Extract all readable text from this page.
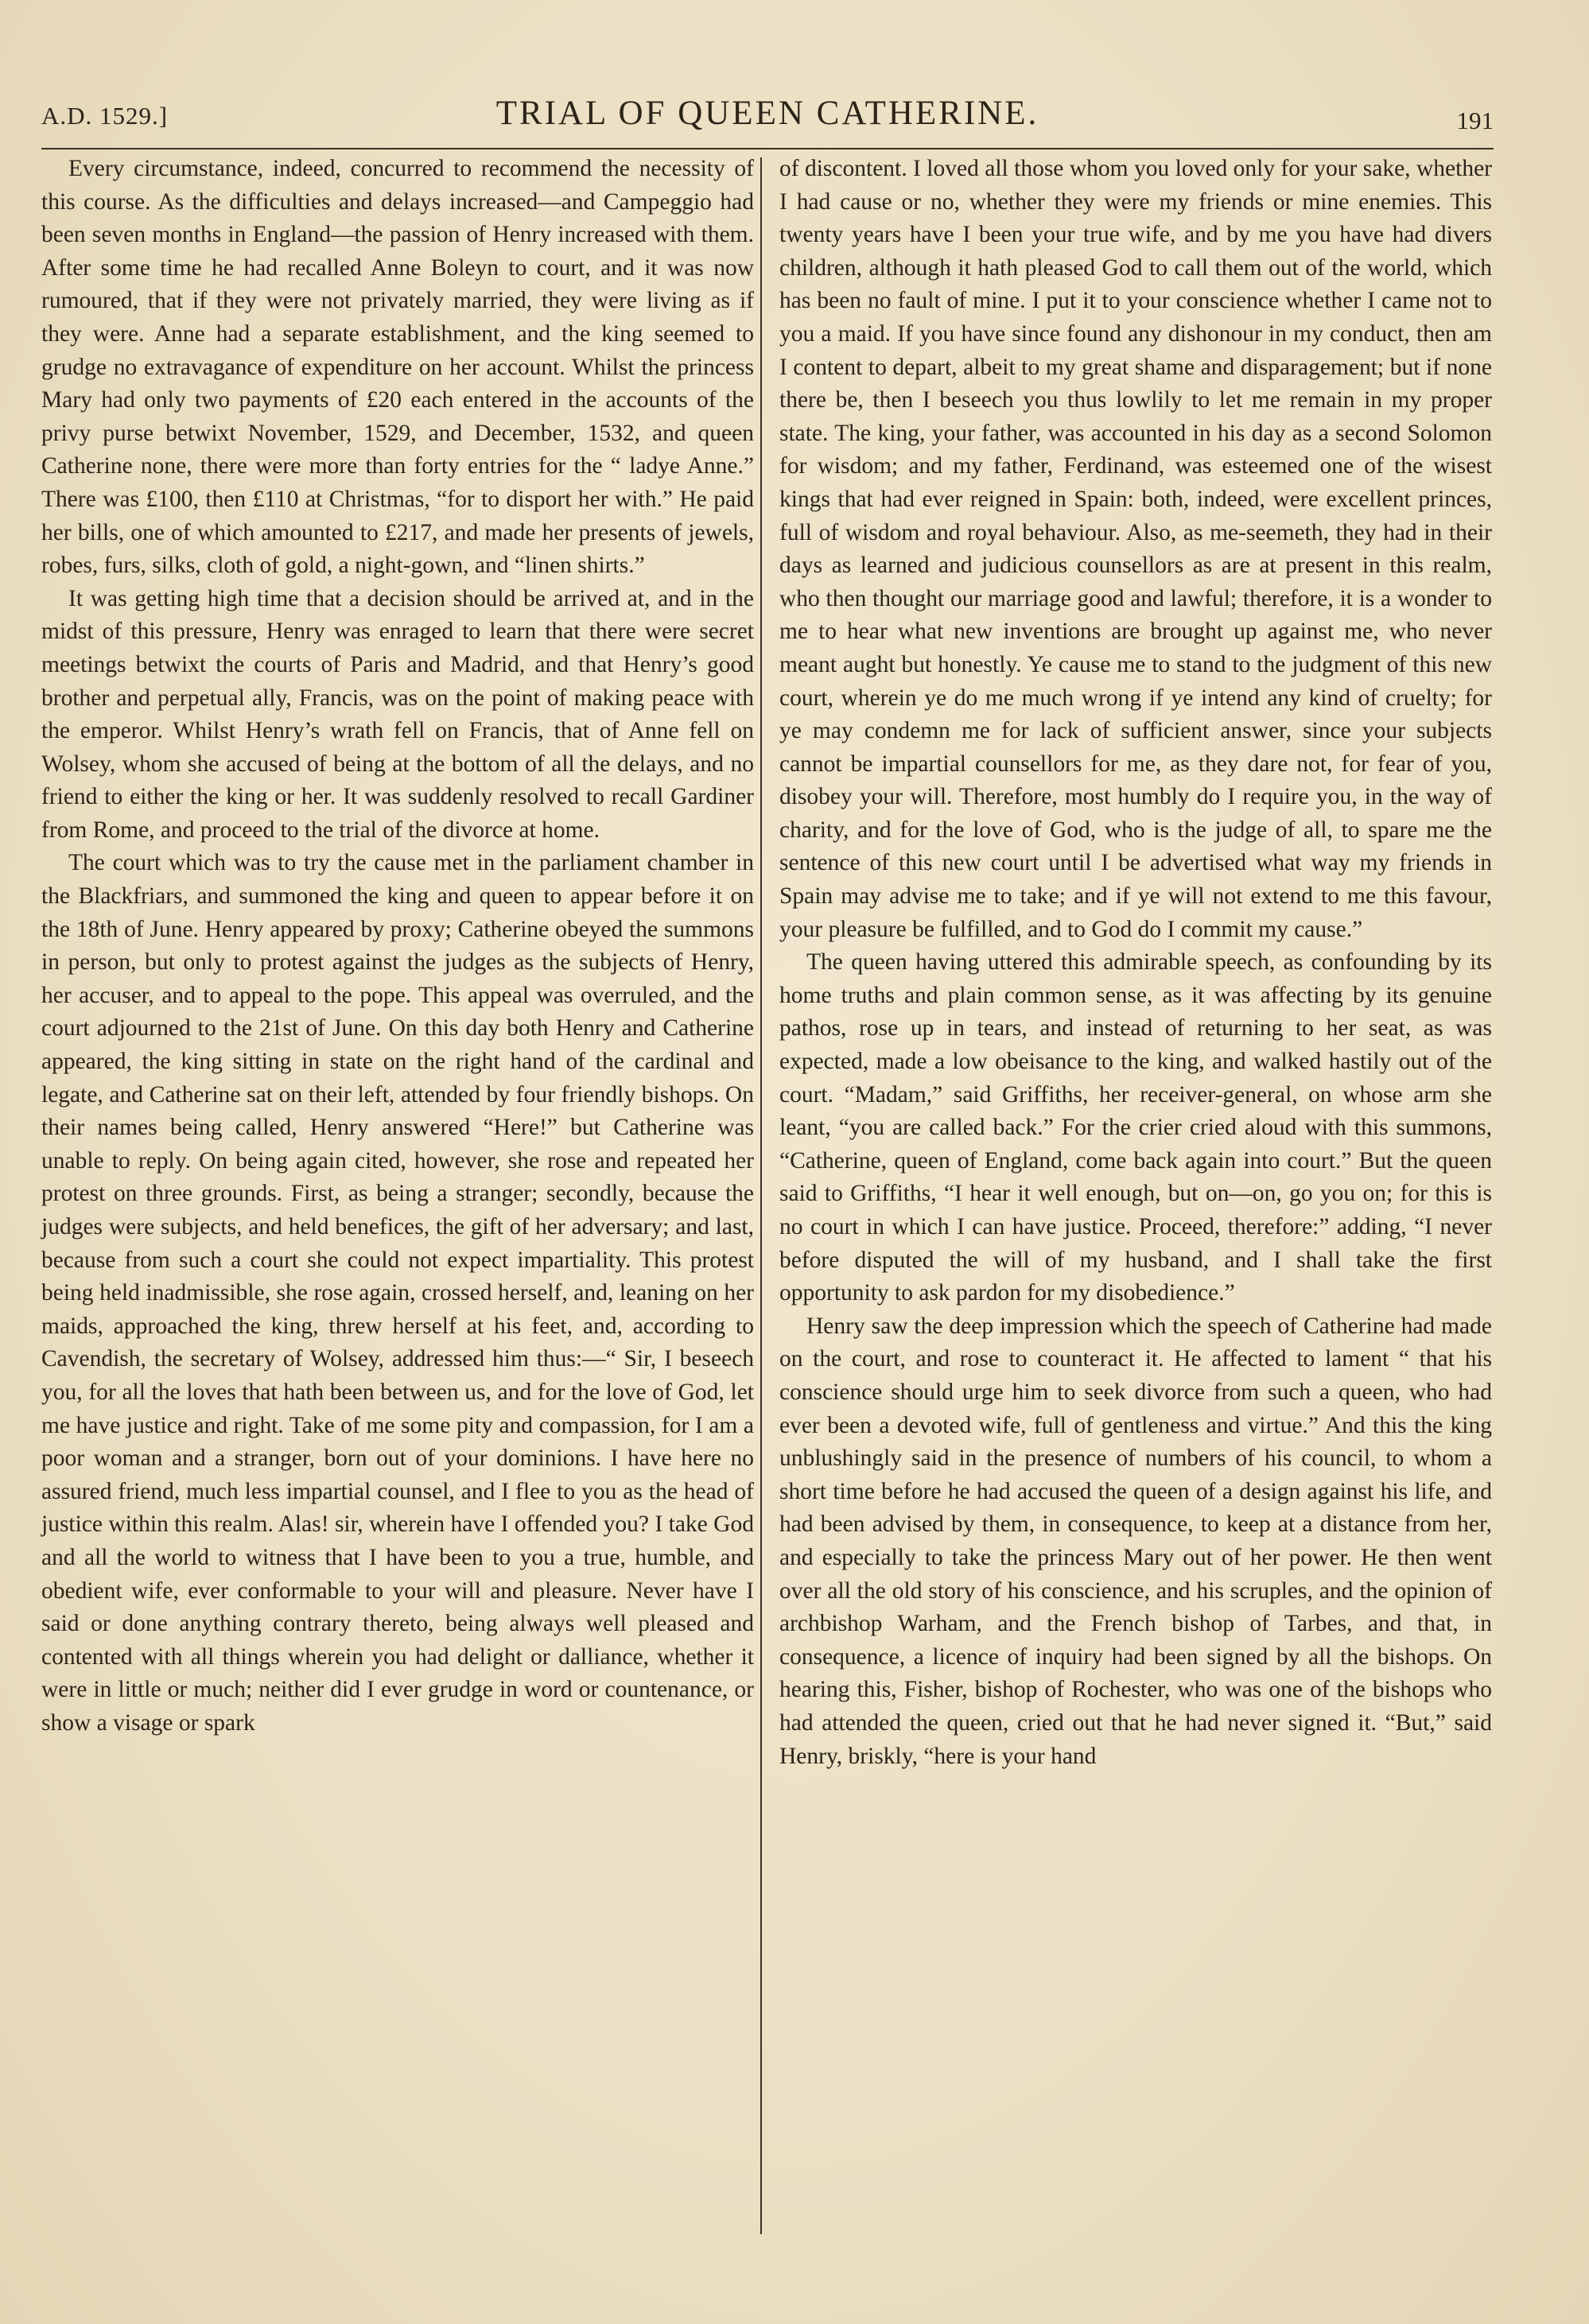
A.D. 1529.]	TRIAL OF QUEEN CATHERINE.	191

Every circumstance, indeed, concurred to recommend the necessity of this course. As the difficulties and delays increased—and Campeggio had been seven months in England—the passion of Henry increased with them. After some time he had recalled Anne Boleyn to court, and it was now rumoured, that if they were not privately married, they were living as if they were. Anne had a separate establishment, and the king seemed to grudge no extravagance of expenditure on her account. Whilst the princess Mary had only two payments of £20 each entered in the accounts of the privy purse betwixt November, 1529, and December, 1532, and queen Catherine none, there were more than forty entries for the “ ladye Anne.” There was £100, then £110 at Christmas, “for to disport her with.” He paid her bills, one of which amounted to £217, and made her presents of jewels, robes, furs, silks, cloth of gold, a night-gown, and “linen shirts.”

It was getting high time that a decision should be arrived at, and in the midst of this pressure, Henry was enraged to learn that there were secret meetings betwixt the courts of Paris and Madrid, and that Henry’s good brother and perpetual ally, Francis, was on the point of making peace with the emperor. Whilst Henry’s wrath fell on Francis, that of Anne fell on Wolsey, whom she accused of being at the bottom of all the delays, and no friend to either the king or her. It was suddenly resolved to recall Gardiner from Rome, and proceed to the trial of the divorce at home.

The court which was to try the cause met in the parliament chamber in the Blackfriars, and summoned the king and queen to appear before it on the 18th of June. Henry appeared by proxy; Catherine obeyed the summons in person, but only to protest against the judges as the subjects of Henry, her accuser, and to appeal to the pope. This appeal was overruled, and the court adjourned to the 21st of June. On this day both Henry and Catherine appeared, the king sitting in state on the right hand of the cardinal and legate, and Catherine sat on their left, attended by four friendly bishops. On their names being called, Henry answered “Here!” but Catherine was unable to reply. On being again cited, however, she rose and repeated her protest on three grounds. First, as being a stranger; secondly, because the judges were subjects, and held benefices, the gift of her adversary; and last, because from such a court she could not expect impartiality. This protest being held inadmissible, she rose again, crossed herself, and, leaning on her maids, approached the king, threw herself at his feet, and, according to Cavendish, the secretary of Wolsey, addressed him thus:—“ Sir, I beseech you, for all the loves that hath been between us, and for the love of God, let me have justice and right. Take of me some pity and compassion, for I am a poor woman and a stranger, born out of your dominions. I have here no assured friend, much less impartial counsel, and I flee to you as the head of justice within this realm. Alas! sir, wherein have I offended you? I take God and all the world to witness that I have been to you a true, humble, and obedient wife, ever conformable to your will and pleasure. Never have I said or done anything contrary thereto, being always well pleased and contented with all things wherein you had delight or dalliance, whether it were in little or much; neither did I ever grudge in word or countenance, or show a visage or spark

of discontent. I loved all those whom you loved only for your sake, whether I had cause or no, whether they were my friends or mine enemies. This twenty years have I been your true wife, and by me you have had divers children, although it hath pleased God to call them out of the world, which has been no fault of mine. I put it to your conscience whether I came not to you a maid. If you have since found any dishonour in my conduct, then am I content to depart, albeit to my great shame and disparagement; but if none there be, then I beseech you thus lowlily to let me remain in my proper state. The king, your father, was accounted in his day as a second Solomon for wisdom; and my father, Ferdinand, was esteemed one of the wisest kings that had ever reigned in Spain: both, indeed, were excellent princes, full of wisdom and royal behaviour. Also, as me-seemeth, they had in their days as learned and judicious counsellors as are at present in this realm, who then thought our marriage good and lawful; therefore, it is a wonder to me to hear what new inventions are brought up against me, who never meant aught but honestly. Ye cause me to stand to the judgment of this new court, wherein ye do me much wrong if ye intend any kind of cruelty; for ye may condemn me for lack of sufficient answer, since your subjects cannot be impartial counsellors for me, as they dare not, for fear of you, disobey your will. Therefore, most humbly do I require you, in the way of charity, and for the love of God, who is the judge of all, to spare me the sentence of this new court until I be advertised what way my friends in Spain may advise me to take; and if ye will not extend to me this favour, your pleasure be fulfilled, and to God do I commit my cause.”

The queen having uttered this admirable speech, as confounding by its home truths and plain common sense, as it was affecting by its genuine pathos, rose up in tears, and instead of returning to her seat, as was expected, made a low obeisance to the king, and walked hastily out of the court. “Madam,” said Griffiths, her receiver-general, on whose arm she leant, “you are called back.” For the crier cried aloud with this summons, “Catherine, queen of England, come back again into court.” But the queen said to Griffiths, “I hear it well enough, but on—on, go you on; for this is no court in which I can have justice. Proceed, therefore:” adding, “I never before disputed the will of my husband, and I shall take the first opportunity to ask pardon for my disobedience.”

Henry saw the deep impression which the speech of Catherine had made on the court, and rose to counteract it. He affected to lament “ that his conscience should urge him to seek divorce from such a queen, who had ever been a devoted wife, full of gentleness and virtue.” And this the king unblushingly said in the presence of numbers of his council, to whom a short time before he had accused the queen of a design against his life, and had been advised by them, in consequence, to keep at a distance from her, and especially to take the princess Mary out of her power. He then went over all the old story of his conscience, and his scruples, and the opinion of archbishop Warham, and the French bishop of Tarbes, and that, in consequence, a licence of inquiry had been signed by all the bishops. On hearing this, Fisher, bishop of Rochester, who was one of the bishops who had attended the queen, cried out that he had never signed it. “But,” said Henry, briskly, “here is your hand
